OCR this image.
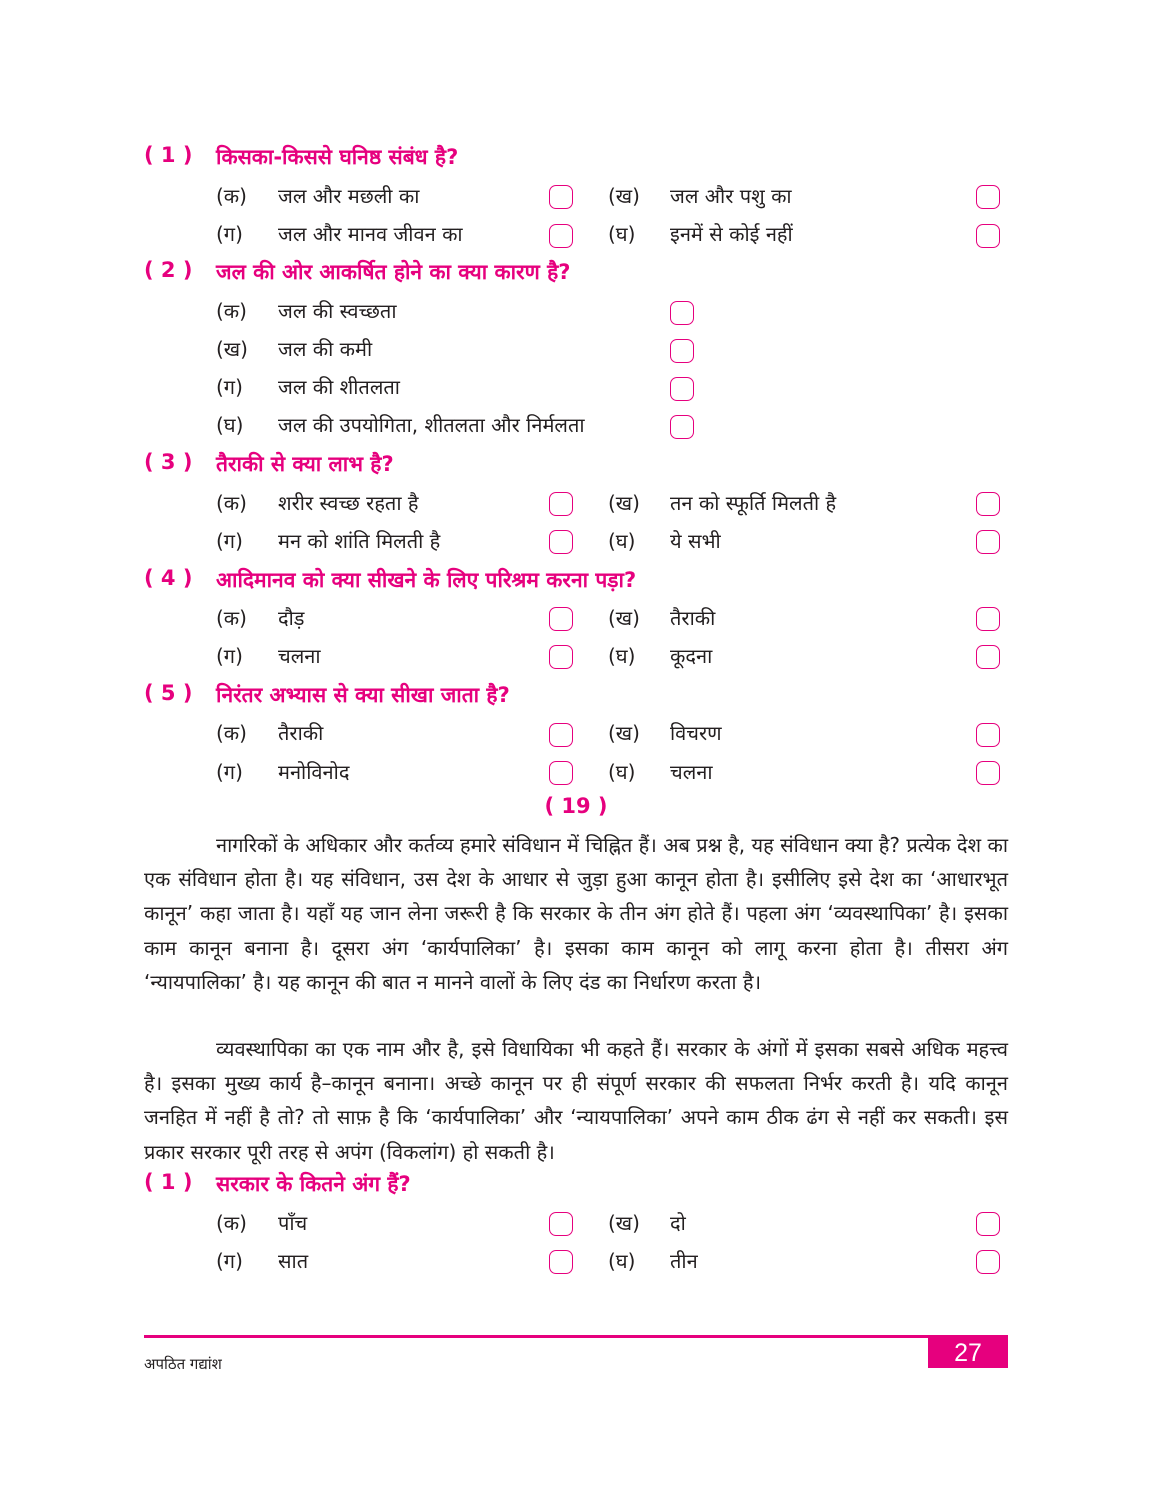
( 1 ) किसका-किससे घनिष्ठ संबंध है?
(क) जल और मछली का	(ख) जल और पशु का
(ग) जल और मानव जीवन का	(घ) इनमें से कोई नहीं
( 2 ) जल की ओर आकर्षित होने का क्या कारण है?
(क) जल की स्वच्छता
(ख) जल की कमी
(ग) जल की शीतलता
(घ) जल की उपयोगिता, शीतलता और निर्मलता
( 3 ) तैराकी से क्या लाभ है?
(क) शरीर स्वच्छ रहता है	(ख) तन को स्फूर्ति मिलती है
(ग) मन को शांति मिलती है	(घ) ये सभी
( 4 ) आदिमानव को क्या सीखने के लिए परिश्रम करना पड़ा?
(क) दौड़	(ख) तैराकी
(ग) चलना	(घ) कूदना
( 5 ) निरंतर अभ्यास से क्या सीखा जाता है?
(क) तैराकी	(ख) विचरण
(ग) मनोविनोद	(घ) चलना
( 19 )

नागरिकों के अधिकार और कर्तव्य हमारे संविधान में चिह्नित हैं। अब प्रश्न है, यह संविधान क्या है? प्रत्येक देश का एक संविधान होता है। यह संविधान, उस देश के आधार से जुड़ा हुआ कानून होता है। इसीलिए इसे देश का ‘आधारभूत कानून’ कहा जाता है। यहाँ यह जान लेना जरूरी है कि सरकार के तीन अंग होते हैं। पहला अंग ‘व्यवस्थापिका’ है। इसका काम कानून बनाना है। दूसरा अंग ‘कार्यपालिका’ है। इसका काम कानून को लागू करना होता है। तीसरा अंग ‘न्यायपालिका’ है। यह कानून की बात न मानने वालों के लिए दंड का निर्धारण करता है।

व्यवस्थापिका का एक नाम और है, इसे विधायिका भी कहते हैं। सरकार के अंगों में इसका सबसे अधिक महत्त्व है। इसका मुख्य कार्य है–कानून बनाना। अच्छे कानून पर ही संपूर्ण सरकार की सफलता निर्भर करती है। यदि कानून जनहित में नहीं है तो? तो साफ़ है कि ‘कार्यपालिका’ और ‘न्यायपालिका’ अपने काम ठीक ढंग से नहीं कर सकती। इस प्रकार सरकार पूरी तरह से अपंग (विकलांग) हो सकती है।

( 1 ) सरकार के कितने अंग हैं?
(क) पाँच	(ख) दो
(ग) सात	(घ) तीन
अपठित गद्यांश	27
